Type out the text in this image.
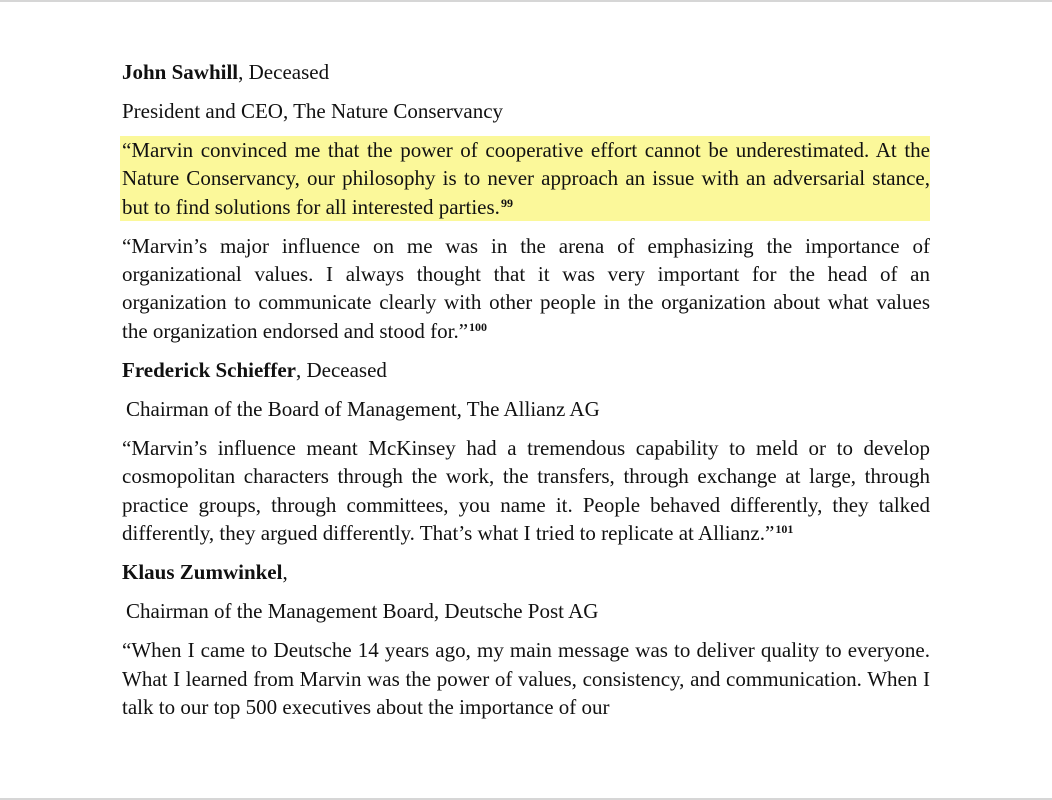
John Sawhill, Deceased
President and CEO, The Nature Conservancy
“Marvin convinced me that the power of cooperative effort cannot be underestimated. At the Nature Conservancy, our philosophy is to never approach an issue with an adversarial stance, but to find solutions for all interested parties.$^{99}$
“Marvin’s major influence on me was in the arena of emphasizing the importance of organizational values. I always thought that it was very important for the head of an organization to communicate clearly with other people in the organization about what values the organization endorsed and stood for.”$^{100}$
Frederick Schieffer, Deceased
Chairman of the Board of Management, The Allianz AG
“Marvin’s influence meant McKinsey had a tremendous capability to meld or to develop cosmopolitan characters through the work, the transfers, through exchange at large, through practice groups, through committees, you name it. People behaved differently, they talked differently, they argued differently. That’s what I tried to replicate at Allianz.”$^{101}$
Klaus Zumwinkel,
Chairman of the Management Board, Deutsche Post AG
“When I came to Deutsche 14 years ago, my main message was to deliver quality to everyone. What I learned from Marvin was the power of values, consistency, and communication. When I talk to our top 500 executives about the importance of our
